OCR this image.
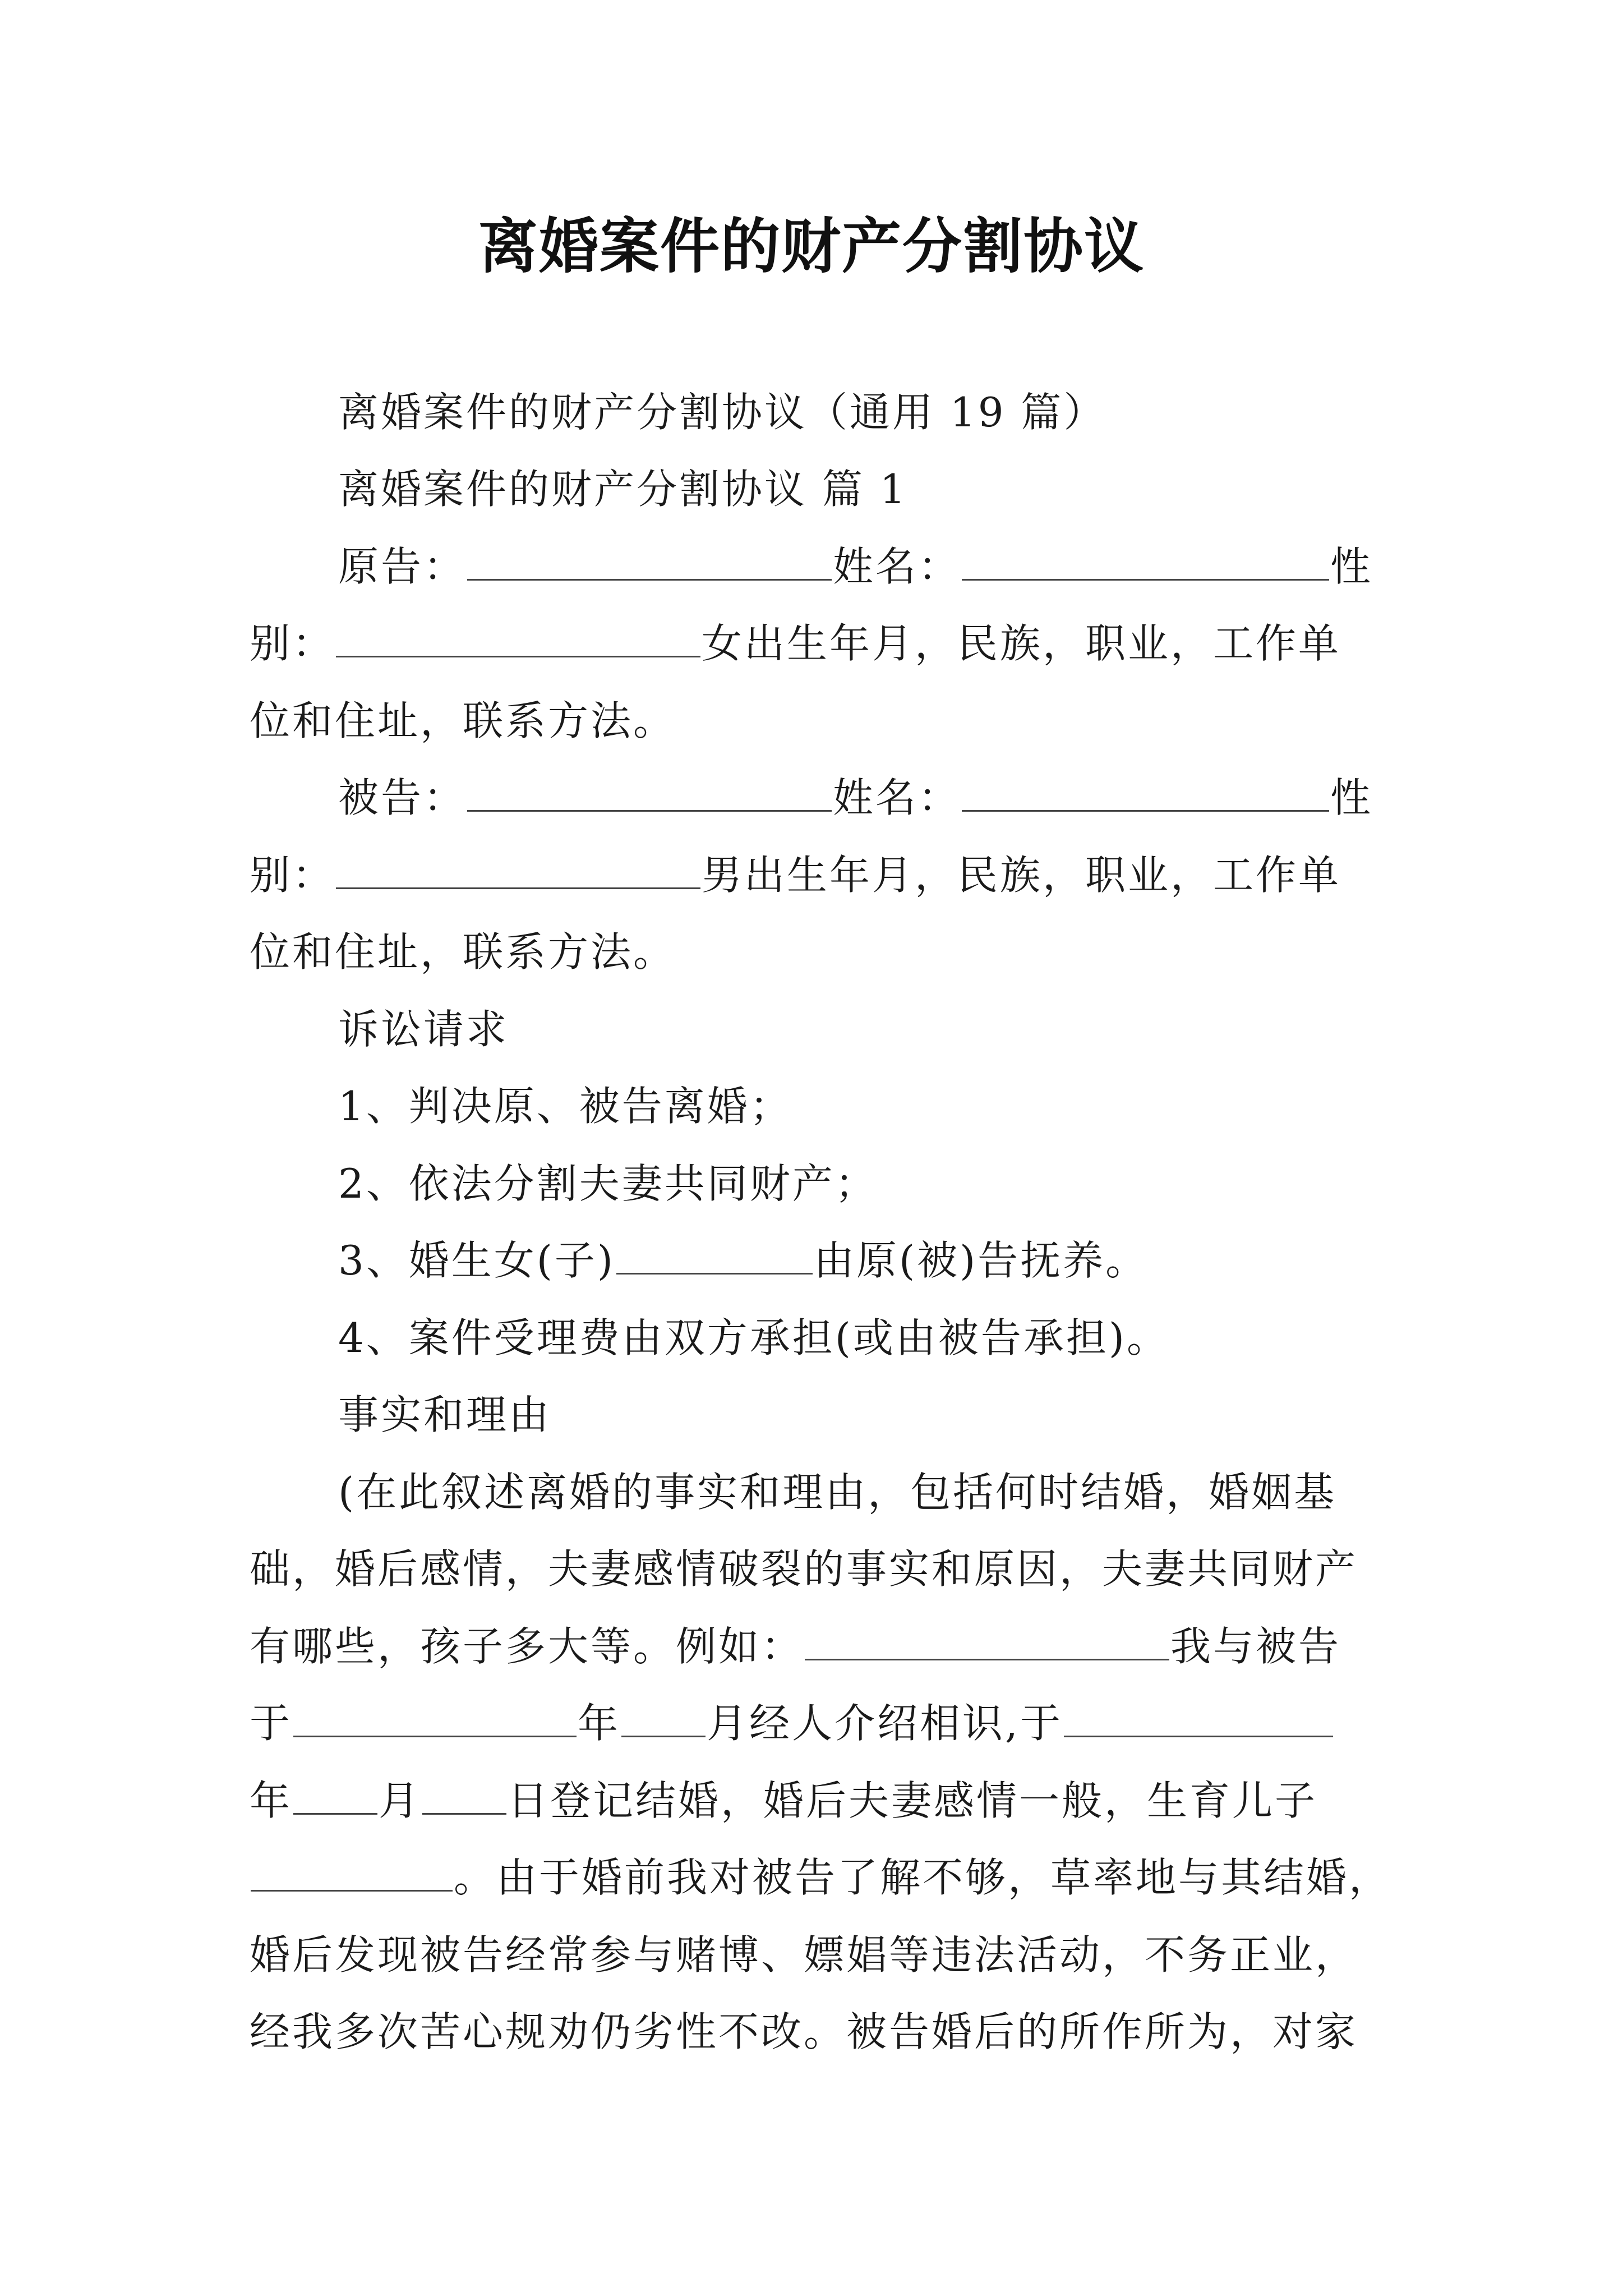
离婚案件的财产分割协议
离婚案件的财产分割协议（通用 19 篇）
离婚案件的财产分割协议 篇 1
原告：	姓名：	性
别：	女出生年月，民族，职业，工作单
位和住址，联系方法。
被告：	姓名：	性
别：	男出生年月，民族，职业，工作单
位和住址，联系方法。
诉讼请求
1、判决原、被告离婚；
2、依法分割夫妻共同财产；
3、婚生女(子)	由原(被)告抚养。
4、案件受理费由双方承担(或由被告承担)。
事实和理由
(在此叙述离婚的事实和理由，包括何时结婚，婚姻基
础，婚后感情，夫妻感情破裂的事实和原因，夫妻共同财产
有哪些，孩子多大等。例如：	我与被告
于	年 月经人介绍相识,于
年 月 日登记结婚，婚后夫妻感情一般，生育儿子
。由于婚前我对被告了解不够，草率地与其结婚，
婚后发现被告经常参与赌博、嫖娼等违法活动，不务正业，
经我多次苦心规劝仍劣性不改。被告婚后的所作所为，对家
